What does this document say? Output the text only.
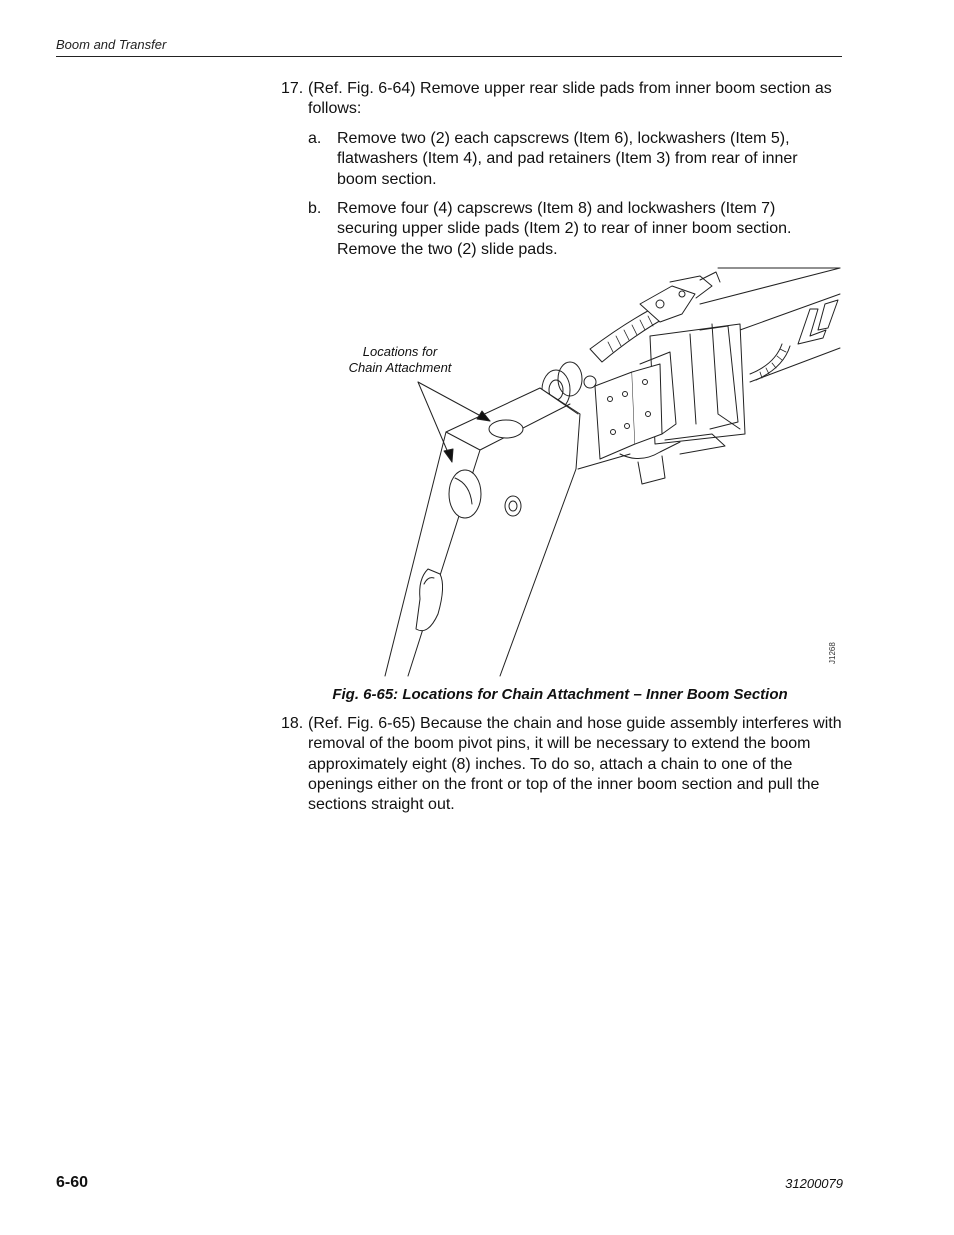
Boom and Transfer
17. (Ref. Fig. 6-64) Remove upper rear slide pads from inner boom section as follows:
a. Remove two (2) each capscrews (Item 6), lockwashers (Item 5), flatwashers (Item 4), and pad retainers (Item 3) from rear of inner boom section.
b. Remove four (4) capscrews (Item 8) and lockwashers (Item 7) securing upper slide pads (Item 2) to rear of inner boom section. Remove the two (2) slide pads.
Locations for
Chain Attachment
J1268
Fig. 6-65: Locations for Chain Attachment – Inner Boom Section
18. (Ref. Fig. 6-65) Because the chain and hose guide assembly interferes with removal of the boom pivot pins, it will be necessary to extend the boom approximately eight (8) inches. To do so, attach a chain to one of the openings either on the front or top of the inner boom section and pull the sections straight out.
6-60	31200079
